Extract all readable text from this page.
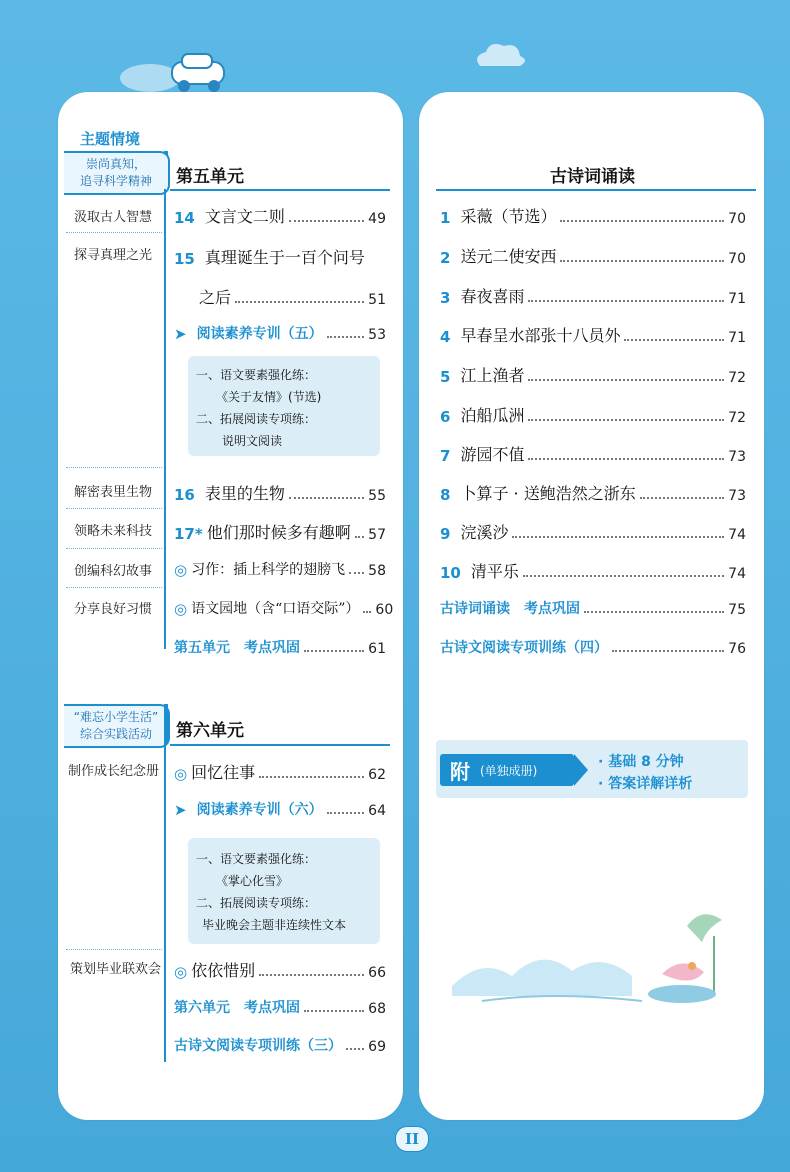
主题情境
崇尚真知，
追寻科学精神	第五单元
汲取古人智慧
探寻真理之光
解密表里生物
领略未来科技
创编科幻故事
分享良好习惯
14 文言文二则	49
15 真理诞生于一百个问号
之后	51
➤ 阅读素养专训（五）	53
一、语文要素强化练：
《关于友情》(节选)
二、拓展阅读专项练：
说明文阅读
16 表里的生物	55
17* 他们那时候多有趣啊 57
◎ 习作：插上科学的翅膀飞 58
◎ 语文园地（含“口语交际”） 60
第五单元　考点巩固	61
“难忘小学生活”
综合实践活动	第六单元
制作成长纪念册
策划毕业联欢会
◎ 回忆往事	62
➤ 阅读素养专训（六）	64
一、语文要素强化练：
《掌心化雪》
二、拓展阅读专项练：
毕业晚会主题非连续性文本
◎ 依依惜别	66
第六单元　考点巩固	68
古诗文阅读专项训练（三） 69
古诗词诵读
1 采薇（节选）	70
2 送元二使安西	70
3 春夜喜雨	71
4 早春呈水部张十八员外	71
5 江上渔者	72
6 泊船瓜洲	72
7 游园不值	73
8 卜算子 · 送鲍浩然之浙东	73
9 浣溪沙	74
10 清平乐	74
古诗词诵读　考点巩固	75
古诗文阅读专项训练（四）	76
附 (单独成册)
· 基础 8 分钟
· 答案详解详析
II
